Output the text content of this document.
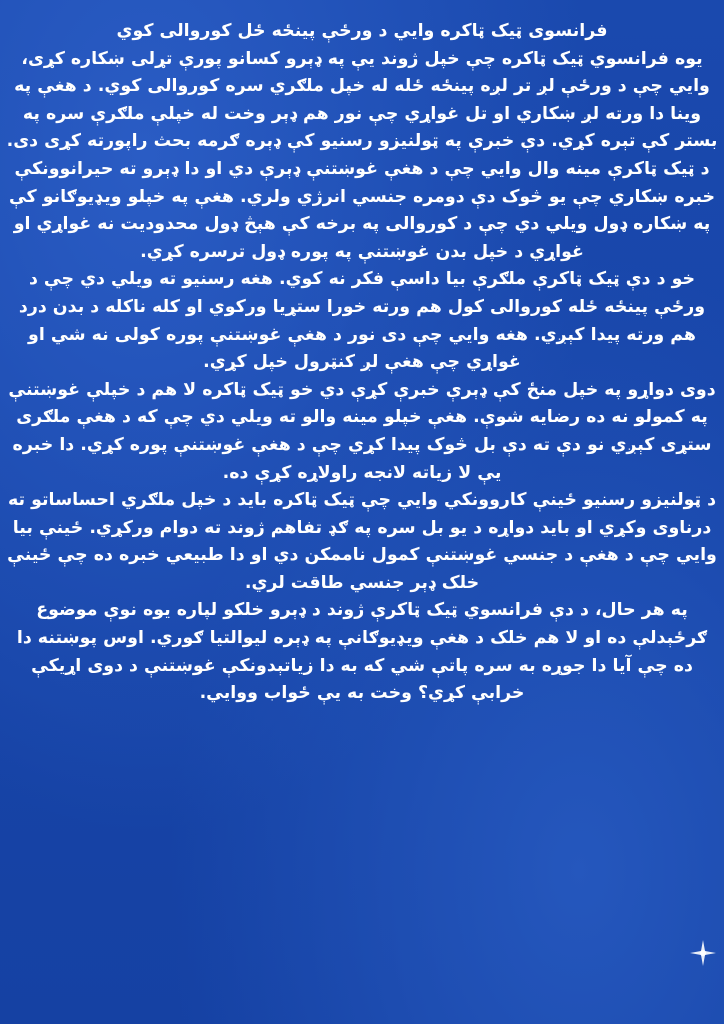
فرانسوی ټیک ټاکره وایي د ورځې پینځه ځل کوروالی کوي

یوه فرانسوي ټیک ټاکره چې خپل ژوند یې په ډېرو کسانو پورې تړلی ښکاره کړی، وایي چې د ورځې لږ تر لږه پینځه ځله له خپل ملګري سره کوروالی کوي. د هغې په وینا دا ورته لږ ښکاري او تل غواړي چې نور هم ډېر وخت له خپلې ملګرې سره په بستر کې تېره کړي. دې خبرې په ټولنیزو رسنیو کې ډېره ګرمه بحث راپورته کړی دی.

د ټیک ټاکرې مینه وال وایي چې د هغې غوښتنې ډېرې دي او دا ډېرو ته حیرانوونکې خبره ښکاري چې یو څوک دې دومره جنسي انرژي ولري. هغې په خپلو ویډیوګانو کې په ښکاره ډول ویلي دي چې د کوروالی په برخه کې هېڅ ډول محدودیت نه غواړي او غواړي د خپل بدن غوښتنې په پوره ډول ترسره کړي.

خو د دې ټیک ټاکرې ملګرې بیا داسې فکر نه کوي. هغه رسنیو ته ویلي دي چې د ورځې پینځه ځله کوروالی کول هم ورته خورا ستړیا ورکوي او کله ناکله د بدن درد هم ورته پیدا کېږي. هغه وایي چې دی نور د هغې غوښتنې پوره کولی نه شي او غواړي چې هغې لږ کنټرول خپل کړي.

دوی دواړو په خپل منځ کې ډېرې خبرې کړې دي خو ټیک ټاکره لا هم د خپلې غوښتنې په کمولو نه ده رضایه شوې. هغې خپلو مینه والو ته ویلي دي چې که د هغې ملګری ستړی کېږي نو دې ته دې بل څوک پیدا کړي چې د هغې غوښتنې پوره کړي. دا خبره یې لا زیاته لانجه راولاړه کړې ده.

د ټولنیزو رسنیو ځینې کاروونکي وایي چې ټیک ټاکره باید د خپل ملګري احساساتو ته درناوی وکړي او باید دواړه د یو بل سره په ګډ تفاهم ژوند ته دوام ورکړي. ځینې بیا وایي چې د هغې د جنسي غوښتنې کمول ناممکن دي او دا طبیعي خبره ده چې ځینې خلک ډېر جنسي طاقت لري.

په هر حال، د دې فرانسوي ټیک ټاکرې ژوند د ډېرو خلکو لپاره یوه نوې موضوع ګرځېدلې ده او لا هم خلک د هغې ویډیوګانې په ډېره لیوالتیا ګوري. اوس پوښتنه دا ده چې آیا دا جوړه به سره پاتې شي که به دا زیاتېدونکې غوښتنې د دوی اړیکې خرابې کړي؟ وخت به یې ځواب ووایي.
